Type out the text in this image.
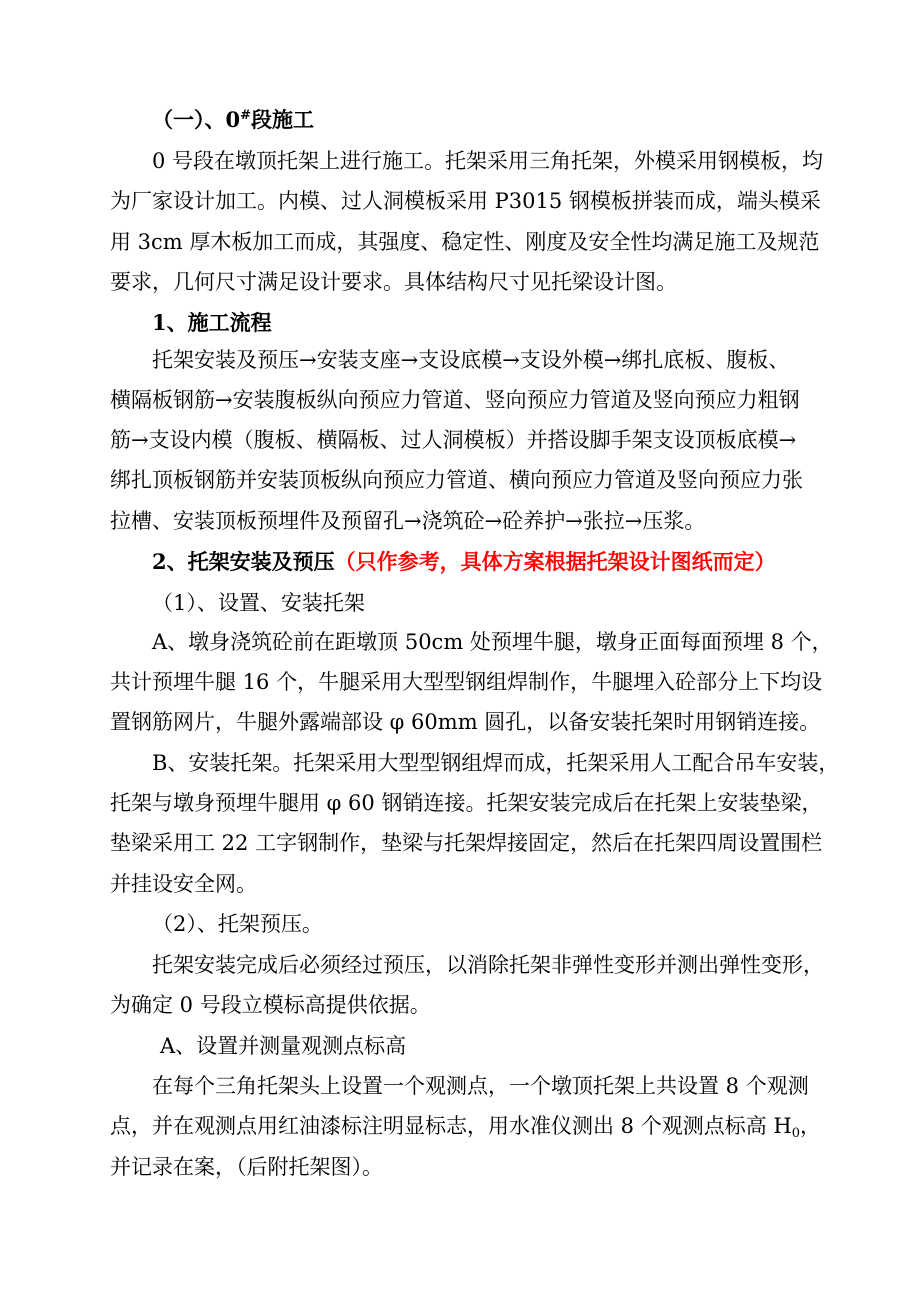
（一）、0#段施工
0 号段在墩顶托架上进行施工。托架采用三角托架，外模采用钢模板，均
为厂家设计加工。内模、过人洞模板采用 P3015 钢模板拼装而成，端头模采
用 3cm 厚木板加工而成，其强度、稳定性、刚度及安全性均满足施工及规范
要求，几何尺寸满足设计要求。具体结构尺寸见托梁设计图。
1、施工流程
托架安装及预压→安装支座→支设底模→支设外模→绑扎底板、腹板、
横隔板钢筋→安装腹板纵向预应力管道、竖向预应力管道及竖向预应力粗钢
筋→支设内模（腹板、横隔板、过人洞模板）并搭设脚手架支设顶板底模→
绑扎顶板钢筋并安装顶板纵向预应力管道、横向预应力管道及竖向预应力张
拉槽、安装顶板预埋件及预留孔→浇筑砼→砼养护→张拉→压浆。
2、托架安装及预压（只作参考，具体方案根据托架设计图纸而定）
（1）、设置、安装托架
A、墩身浇筑砼前在距墩顶 50cm 处预埋牛腿，墩身正面每面预埋 8 个，
共计预埋牛腿 16 个，牛腿采用大型型钢组焊制作，牛腿埋入砼部分上下均设
置钢筋网片，牛腿外露端部设 φ 60mm 圆孔，以备安装托架时用钢销连接。
B、安装托架。托架采用大型型钢组焊而成，托架采用人工配合吊车安装，
托架与墩身预埋牛腿用 φ 60 钢销连接。托架安装完成后在托架上安装垫梁，
垫梁采用工 22 工字钢制作，垫梁与托架焊接固定，然后在托架四周设置围栏
并挂设安全网。
（2）、托架预压。
托架安装完成后必须经过预压，以消除托架非弹性变形并测出弹性变形，
为确定 0 号段立模标高提供依据。
A、设置并测量观测点标高
在每个三角托架头上设置一个观测点，一个墩顶托架上共设置 8 个观测
点，并在观测点用红油漆标注明显标志，用水准仪测出 8 个观测点标高 $H_0$，
并记录在案，（后附托架图）。
